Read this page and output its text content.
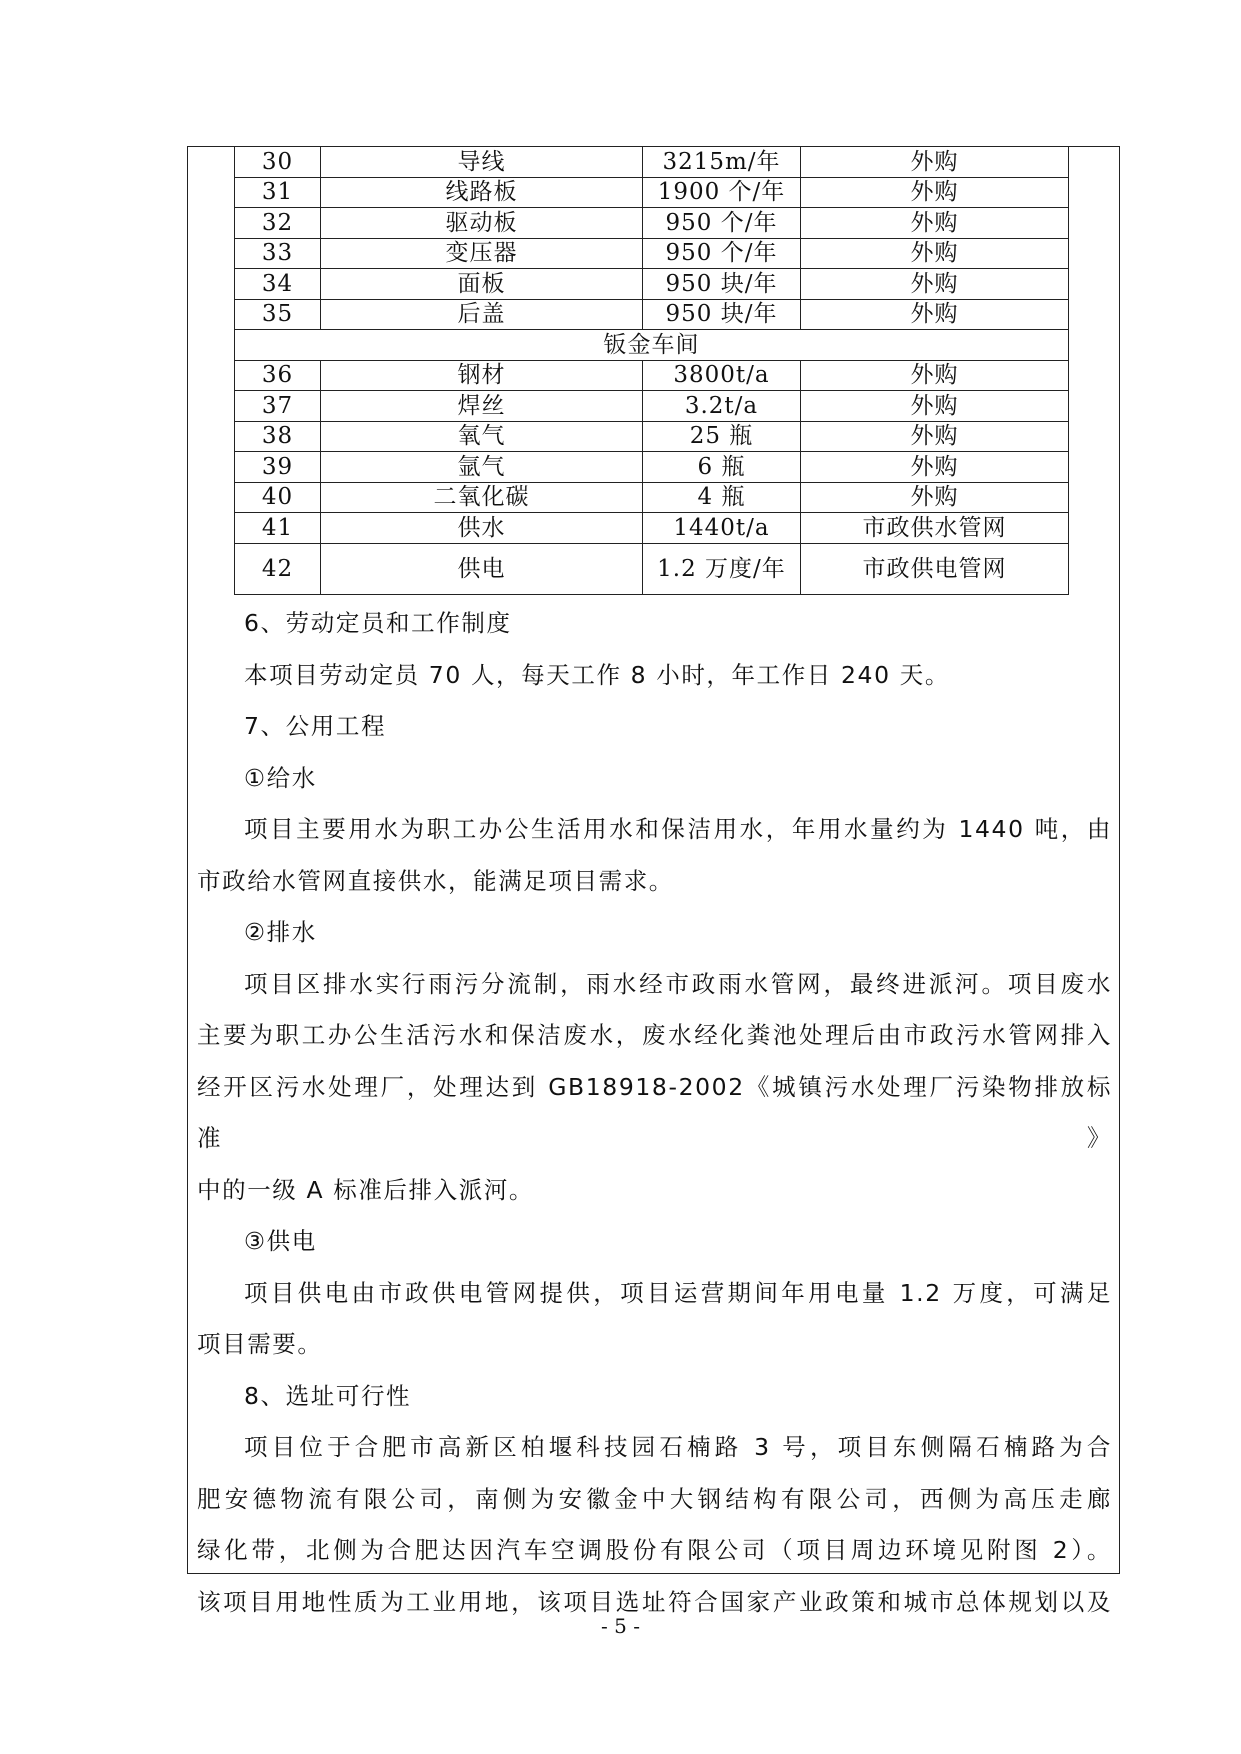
30	导线	3215m/年	外购
31	线路板	1900 个/年	外购
32	驱动板	950 个/年	外购
33	变压器	950 个/年	外购
34	面板	950 块/年	外购
35	后盖	950 块/年	外购
钣金车间			
36	钢材	3800t/a	外购
37	焊丝	3.2t/a	外购
38	氧气	25 瓶	外购
39	氩气	6 瓶	外购
40	二氧化碳	4 瓶	外购
41	供水	1440t/a	市政供水管网
42	供电	1.2 万度/年	市政供电管网

6、劳动定员和工作制度

本项目劳动定员 70 人，每天工作 8 小时，年工作日 240 天。

7、公用工程

①给水

项目主要用水为职工办公生活用水和保洁用水，年用水量约为 1440 吨，由

市政给水管网直接供水，能满足项目需求。

②排水

项目区排水实行雨污分流制，雨水经市政雨水管网，最终进派河。项目废水

主要为职工办公生活污水和保洁废水，废水经化粪池处理后由市政污水管网排入

经开区污水处理厂，处理达到 GB18918-2002《城镇污水处理厂污染物排放标准》

中的一级 A 标准后排入派河。

③供电

项目供电由市政供电管网提供，项目运营期间年用电量 1.2 万度，可满足

项目需要。

8、选址可行性

项目位于合肥市高新区柏堰科技园石楠路 3 号，项目东侧隔石楠路为合

肥安德物流有限公司，南侧为安徽金中大钢结构有限公司，西侧为高压走廊

绿化带，北侧为合肥达因汽车空调股份有限公司（项目周边环境见附图 2）。

该项目用地性质为工业用地，该项目选址符合国家产业政策和城市总体规划以及

- 5 -
